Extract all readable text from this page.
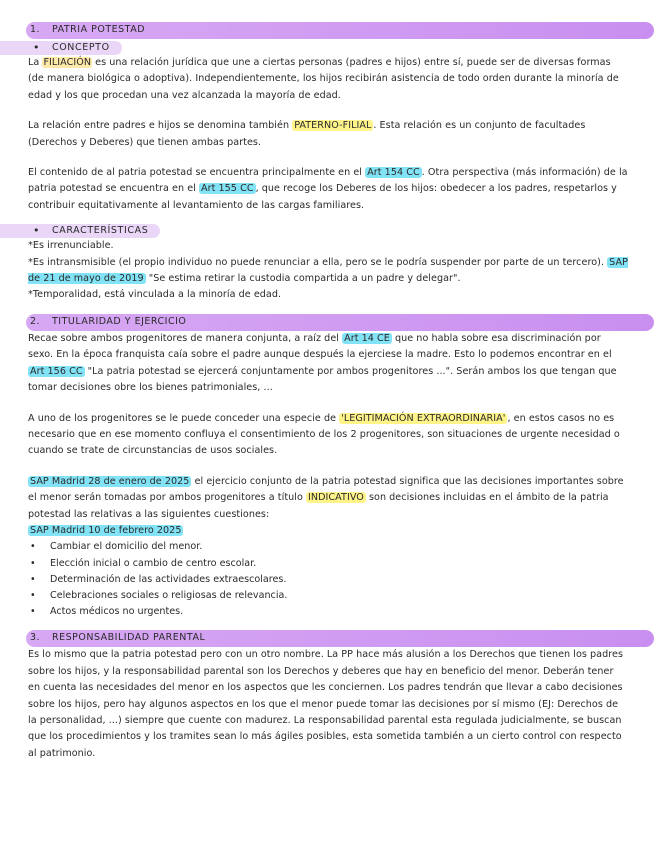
1. PATRIA POTESTAD
• CONCEPTO

La FILIACIÓN es una relación jurídica que une a ciertas personas (padres e hijos) entre sí, puede ser de diversas formas (de manera biológica o adoptiva). Independientemente, los hijos recibirán asistencia de todo orden durante la minoría de edad y los que procedan una vez alcanzada la mayoría de edad.

La relación entre padres e hijos se denomina también PATERNO-FILIAL . Esta relación es un conjunto de facultades (Derechos y Deberes) que tienen ambas partes.

El contenido de al patria potestad se encuentra principalmente en el Art 154 CC . Otra perspectiva (más información) de la patria potestad se encuentra en el Art 155 CC , que recoge los Deberes de los hijos: obedecer a los padres, respetarlos y contribuir equitativamente al levantamiento de las cargas familiares.

• CARACTERÍSTICAS

*Es irrenunciable.

*Es intransmisible (el propio individuo no puede renunciar a ella, pero se le podría suspender por parte de un tercero). SAP de 21 de mayo de 2019 "Se estima retirar la custodia compartida a un padre y delegar".

*Temporalidad, está vinculada a la minoría de edad.

2. TITULARIDAD Y EJERCICIO

Recae sobre ambos progenitores de manera conjunta, a raíz del Art 14 CE que no habla sobre esa discriminación por sexo. En la época franquista caía sobre el padre aunque después la ejerciese la madre. Esto lo podemos encontrar en el Art 156 CC "La patria potestad se ejercerá conjuntamente por ambos progenitores ...". Serán ambos los que tengan que tomar decisiones obre los bienes patrimoniales, ...

A uno de los progenitores se le puede conceder una especie de 'LEGITIMACIÓN EXTRAORDINARIA' , en estos casos no es necesario que en ese momento confluya el consentimiento de los 2 progenitores, son situaciones de urgente necesidad o cuando se trate de circunstancias de usos sociales.

SAP Madrid 28 de enero de 2025 el ejercicio conjunto de la patria potestad significa que las decisiones importantes sobre el menor serán tomadas por ambos progenitores a título INDICATIVO son decisiones incluidas en el ámbito de la patria potestad las relativas a las siguientes cuestiones:

SAP Madrid 10 de febrero 2025

• Cambiar el domicilio del menor.
• Elección inicial o cambio de centro escolar.
• Determinación de las actividades extraescolares.
• Celebraciones sociales o religiosas de relevancia.
• Actos médicos no urgentes.
3. RESPONSABILIDAD PARENTAL

Es lo mismo que la patria potestad pero con un otro nombre. La PP hace más alusión a los Derechos que tienen los padres sobre los hijos, y la responsabilidad parental son los Derechos y deberes que hay en beneficio del menor. Deberán tener en cuenta las necesidades del menor en los aspectos que les conciernen. Los padres tendrán que llevar a cabo decisiones sobre los hijos, pero hay algunos aspectos en los que el menor puede tomar las decisiones por sí mismo (EJ: Derechos de la personalidad, ...) siempre que cuente con madurez. La responsabilidad parental esta regulada judicialmente, se buscan que los procedimientos y los tramites sean lo más ágiles posibles, esta sometida también a un cierto control con respecto al patrimonio.
